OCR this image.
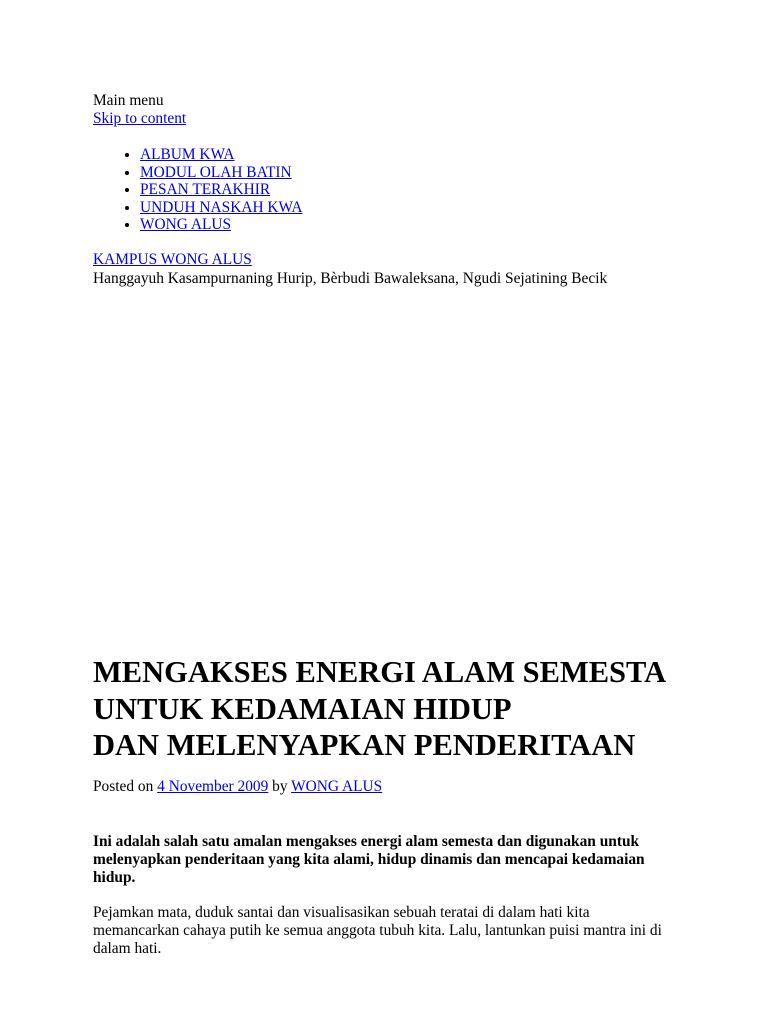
Main menu
Skip to content
• ALBUM KWA
• MODUL OLAH BATIN
• PESAN TERAKHIR
• UNDUH NASKAH KWA
• WONG ALUS
KAMPUS WONG ALUS
Hanggayuh Kasampurnaning Hurip, Bèrbudi Bawaleksana, Ngudi Sejatining Becik
MENGAKSES ENERGI ALAM SEMESTA
UNTUK KEDAMAIAN HIDUP
DAN MELENYAPKAN PENDERITAAN
Posted on 4 November 2009 by WONG ALUS

Ini adalah salah satu amalan mengakses energi alam semesta dan digunakan untuk melenyapkan penderitaan yang kita alami, hidup dinamis dan mencapai kedamaian hidup.

Pejamkan mata, duduk santai dan visualisasikan sebuah teratai di dalam hati kita memancarkan cahaya putih ke semua anggota tubuh kita. Lalu, lantunkan puisi mantra ini di dalam hati.
